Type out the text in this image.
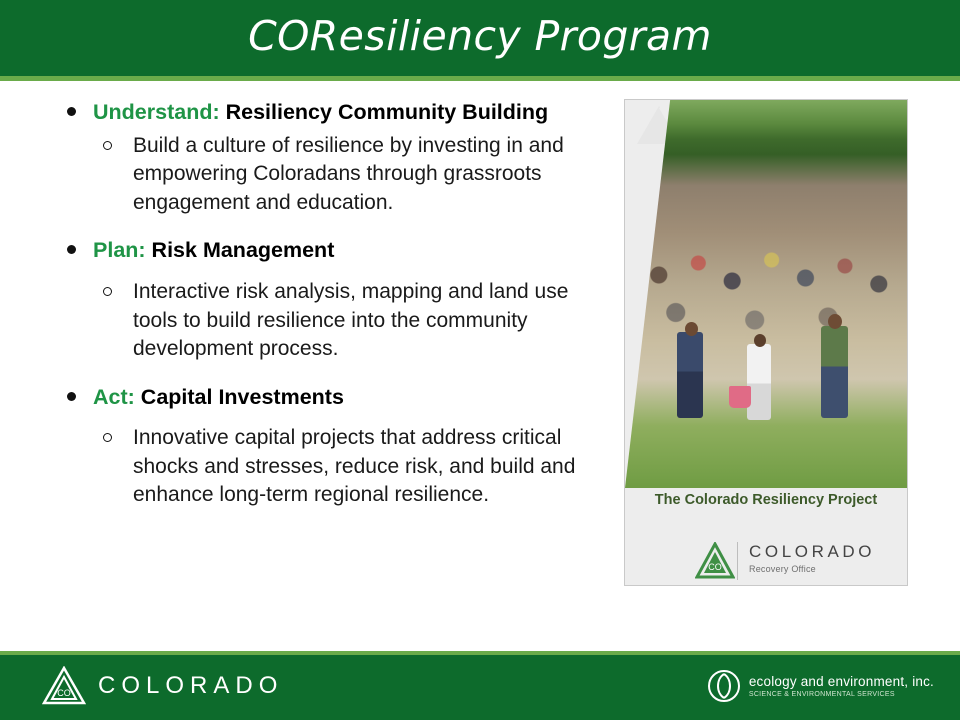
COResiliency Program
Understand: Resiliency Community Building
Build a culture of resilience by investing in and empowering Coloradans through grassroots engagement and education.
Plan: Risk Management
Interactive risk analysis, mapping and land use tools to build resilience into the community development process.
Act: Capital Investments
Innovative capital projects that address critical shocks and stresses, reduce risk, and build and enhance long-term regional resilience.	The Colorado Resiliency Project
CO
COLORADO
Recovery Office
CO COLORADO	ecology and environment, inc.
SCIENCE & ENVIRONMENTAL SERVICES
